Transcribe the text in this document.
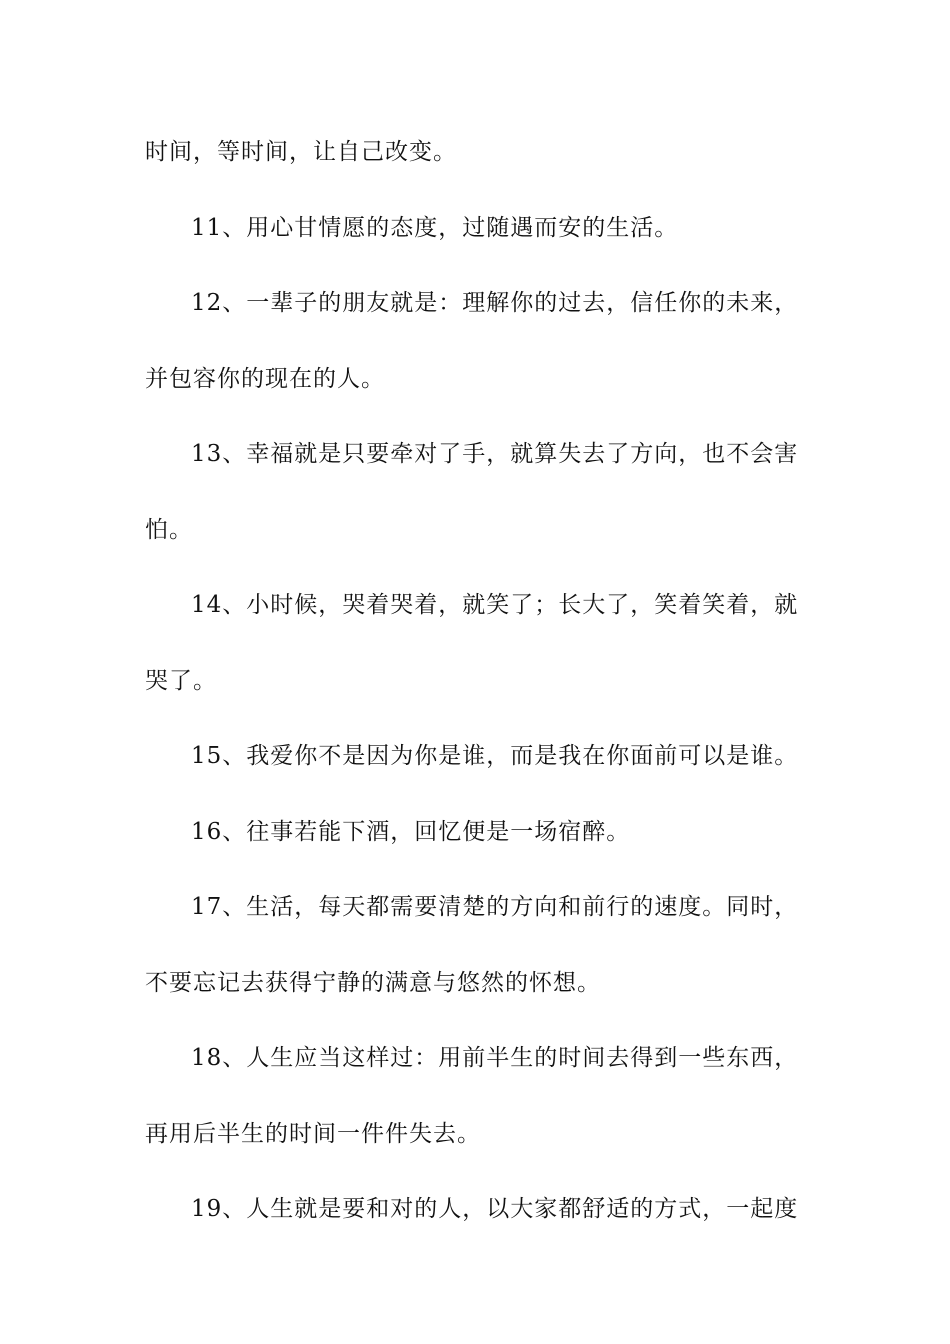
时间，等时间，让自己改变。
11、用心甘情愿的态度，过随遇而安的生活。
12、一辈子的朋友就是：理解你的过去，信任你的未来，
并包容你的现在的人。
13、幸福就是只要牵对了手，就算失去了方向，也不会害
怕。
14、小时候，哭着哭着，就笑了；长大了，笑着笑着，就
哭了。
15、我爱你不是因为你是谁，而是我在你面前可以是谁。
16、往事若能下酒，回忆便是一场宿醉。
17、生活，每天都需要清楚的方向和前行的速度。同时，
不要忘记去获得宁静的满意与悠然的怀想。
18、人生应当这样过：用前半生的时间去得到一些东西，
再用后半生的时间一件件失去。
19、人生就是要和对的人，以大家都舒适的方式，一起度
